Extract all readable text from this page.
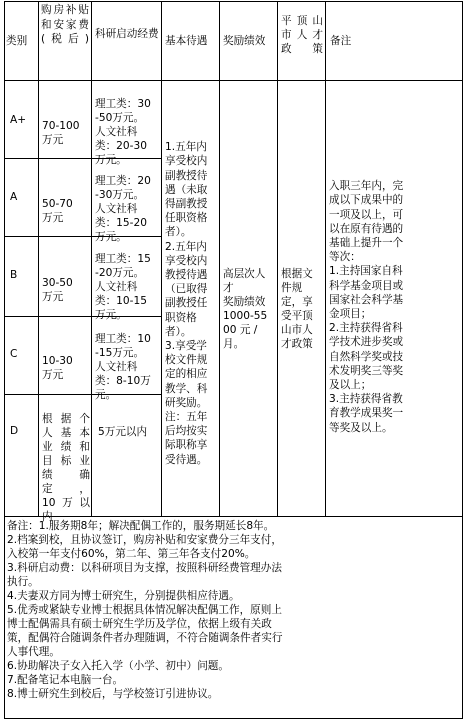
类别
购房补贴和安家费(税后) 科研启动经费
基本待遇	奖励绩效
平顶山市人才政策
备注
A+	70-100
万元

理工类：30
-50万元。
人文社科
类：20-30
万元。

A

50-70
万元

理工类：20
-30万元。
人文社科
类：15-20
万元。

B

30-50
万元

理工类：15
-20万元。
人文社科
类：10-15
万元。

C

10-30
万元

理工类：10
-15万元。
人文社科
类：8-10万
元。

D

根据个
人基本
业绩和
目标业
绩确
定，
10万以
内

5万元以内

1.五年内
享受校内
副教授待
遇（未取
得副教授
任职资格
者）。
2.五年内
享受校内
教授待遇
（已取得
副教授任
职资格
者）。
3.享受学
校文件规
定的相应
教学、科
研奖励。
注：五年
后均按实
际职称享
受待遇。

高层次人
才
奖励绩效
1000-55
00 元 /
月。

根据文
件规
定，享
受平顶
山市人
才政策

入职三年内，完
成以下成果中的
一项及以上，可
以在原有待遇的
基础上提升一个
等次：
1.主持国家自科
科学基金项目或
国家社会科学基
金项目；
2.主持获得省科
学技术进步奖或
自然科学奖或技
术发明奖三等奖
及以上；
3.主持获得省教
育教学成果奖一
等奖及以上。

备注：1.服务期8年；解决配偶工作的，服务期延长8年。
2.档案到校，且协议签订，购房补贴和安家费分三年支付，
入校第一年支付60%，第二年、第三年各支付20%。
3.科研启动费：以科研项目为支撑，按照科研经费管理办法
执行。
4.夫妻双方同为博士研究生，分别提供相应待遇。
5.优秀或紧缺专业博士根据具体情况解决配偶工作，原则上
博士配偶需具有硕士研究生学历及学位，依据上级有关政
策，配偶符合随调条件者办理随调，不符合随调条件者实行
人事代理。
6.协助解决子女入托入学（小学、初中）问题。
7.配备笔记本电脑一台。
8.博士研究生到校后，与学校签订引进协议。
